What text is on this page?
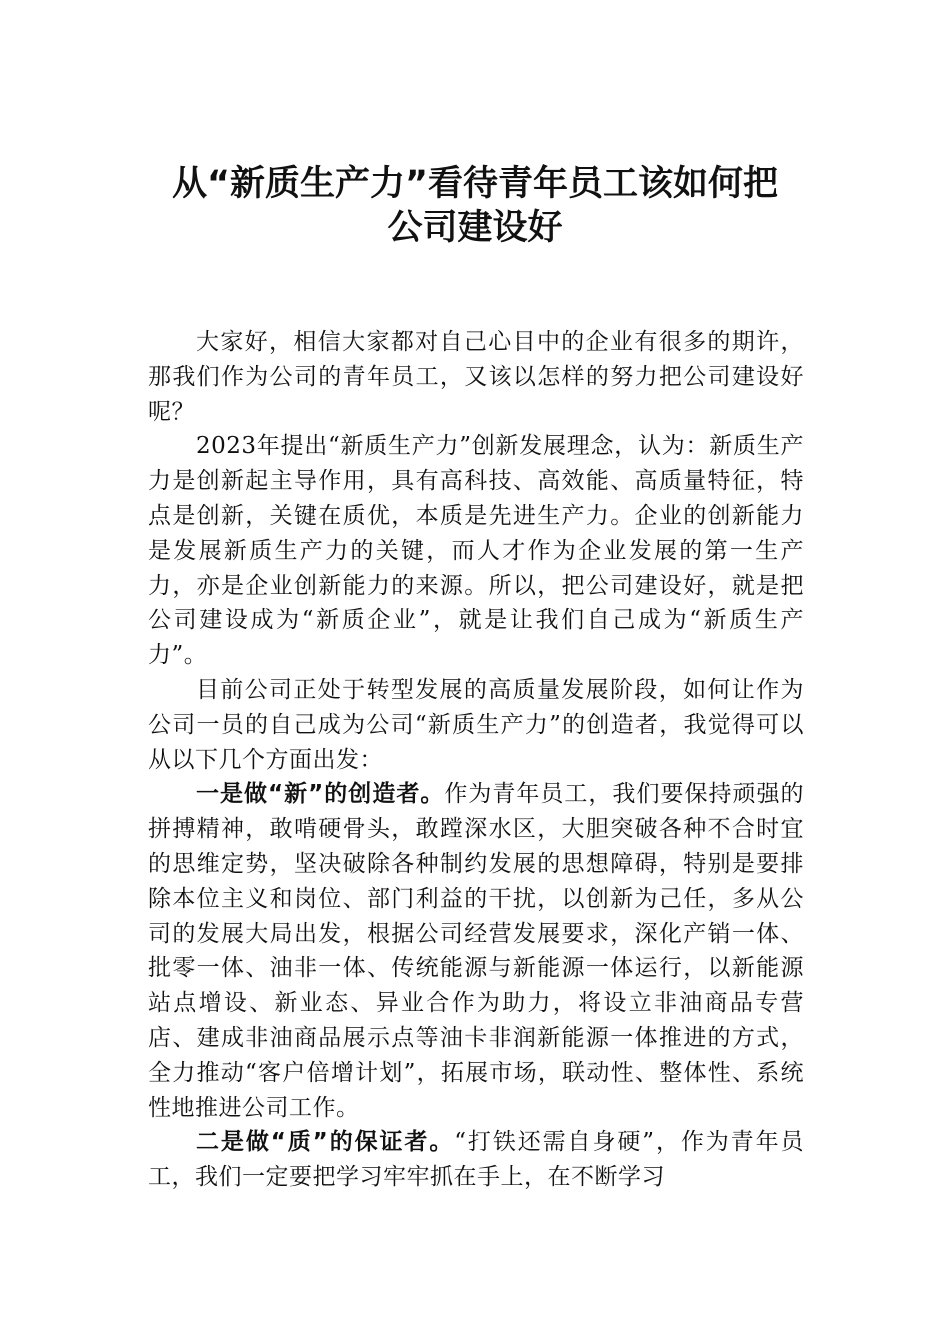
从“新质生产力”看待青年员工该如何把
公司建设好

大家好，相信大家都对自己心目中的企业有很多的期许，那我们作为公司的青年员工，又该以怎样的努力把公司建设好呢？

2023年提出“新质生产力”创新发展理念，认为：新质生产力是创新起主导作用，具有高科技、高效能、高质量特征，特点是创新，关键在质优，本质是先进生产力。企业的创新能力是发展新质生产力的关键，而人才作为企业发展的第一生产力，亦是企业创新能力的来源。所以，把公司建设好，就是把公司建设成为“新质企业”，就是让我们自己成为“新质生产力”。

目前公司正处于转型发展的高质量发展阶段，如何让作为公司一员的自己成为公司“新质生产力”的创造者，我觉得可以从以下几个方面出发：

一是做“新”的创造者。作为青年员工，我们要保持顽强的拼搏精神，敢啃硬骨头，敢蹚深水区，大胆突破各种不合时宜的思维定势，坚决破除各种制约发展的思想障碍，特别是要排除本位主义和岗位、部门利益的干扰，以创新为己任，多从公司的发展大局出发，根据公司经营发展要求，深化产销一体、批零一体、油非一体、传统能源与新能源一体运行，以新能源站点增设、新业态、异业合作为助力，将设立非油商品专营店、建成非油商品展示点等油卡非润新能源一体推进的方式，全力推动“客户倍增计划”，拓展市场，联动性、整体性、系统性地推进公司工作。

二是做“质”的保证者。“打铁还需自身硬”，作为青年员工，我们一定要把学习牢牢抓在手上，在不断学习
